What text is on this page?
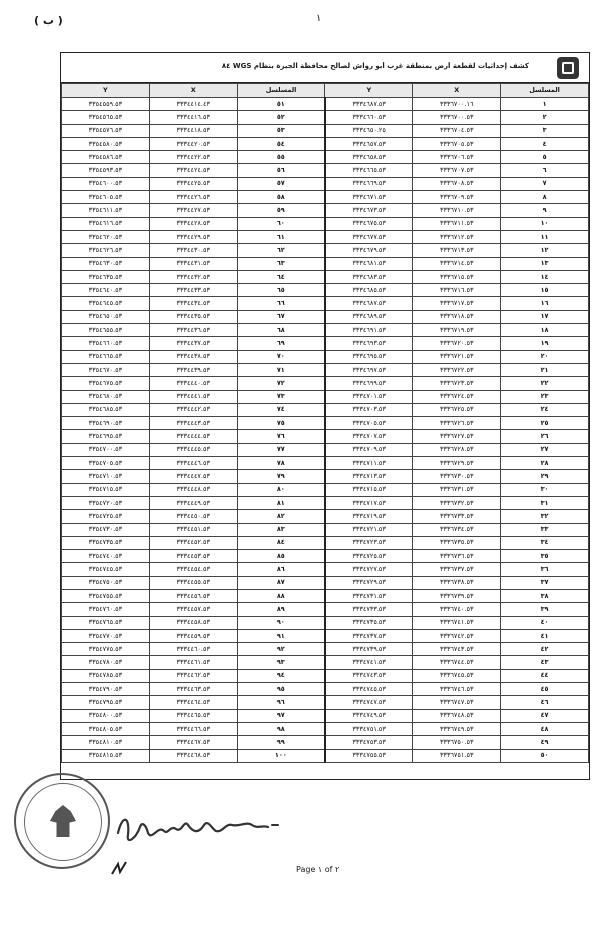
( ب )	١
كشف إحداثيات لقطعة أرض بمنطقة غرب أبو رواش لصالح محافظة الجيزة بنظام WGS ٨٤
Y	X	المسلسل	Y	X	المسلسل
٣٣٥٤٥٥٩.٥٣	٣٣٣٤٤١٤.٤٣	٥١	٣٣٣٤٦٨٧.٥٣	٣٣٣٦٧٠٠.١٦	١
٣٣٥٤٥٦٥.٥٣	٣٣٣٤٤١٦.٥٣	٥٢	٣٣٣٤٦٦٠.٥٣	٣٣٣٦٧٠٠.٥٣	٢
٣٣٥٤٥٧٦.٥٣	٣٣٣٤٤١٨.٥٣	٥٣	٣٣٣٤٦٥٠.٢٥	٣٣٣٦٧٠٤.٥٣	٣
٣٣٥٤٥٨٠.٥٣	٣٣٣٤٤٢٠.٥٣	٥٤	٣٣٣٤٦٥٧.٥٣	٣٣٣٦٧٠٥.٥٣	٤
٣٣٥٤٥٨٦.٥٣	٣٣٣٤٤٢٢.٥٣	٥٥	٣٣٣٤٦٥٨.٥٣	٣٣٣٦٧٠٦.٥٣	٥
٣٣٥٤٥٩٣.٥٣	٣٣٣٤٤٢٤.٥٣	٥٦	٣٣٣٤٦٦٥.٥٣	٣٣٣٦٧٠٧.٥٣	٦
٣٣٥٤٦٠٠.٥٣	٣٣٣٤٤٢٥.٥٣	٥٧	٣٣٣٤٦٦٩.٥٣	٣٣٣٦٧٠٨.٥٣	٧
٣٣٥٤٦٠٥.٥٣	٣٣٣٤٤٢٦.٥٣	٥٨	٣٣٣٤٦٧١.٥٣	٣٣٣٦٧٠٩.٥٣	٨
٣٣٥٤٦١١.٥٣	٣٣٣٤٤٢٧.٥٣	٥٩	٣٣٣٤٦٧٣.٥٣	٣٣٣٦٧١٠.٥٣	٩
٣٣٥٤٦١٦.٥٣	٣٣٣٤٤٢٨.٥٣	٦٠	٣٣٣٤٦٧٥.٥٣	٣٣٣٦٧١١.٥٣	١٠
٣٣٥٤٦٢٠.٥٣	٣٣٣٤٤٢٩.٥٣	٦١	٣٣٣٤٦٧٧.٥٣	٣٣٣٦٧١٢.٥٣	١١
٣٣٥٤٦٢٦.٥٣	٣٣٣٤٤٣٠.٥٣	٦٢	٣٣٣٤٦٧٩.٥٣	٣٣٣٦٧١٣.٥٣	١٢
٣٣٥٤٦٣٠.٥٣	٣٣٣٤٤٣١.٥٣	٦٣	٣٣٣٤٦٨١.٥٣	٣٣٣٦٧١٤.٥٣	١٣
٣٣٥٤٦٣٥.٥٣	٣٣٣٤٤٣٢.٥٣	٦٤	٣٣٣٤٦٨٣.٥٣	٣٣٣٦٧١٥.٥٣	١٤
٣٣٥٤٦٤٠.٥٣	٣٣٣٤٤٣٣.٥٣	٦٥	٣٣٣٤٦٨٥.٥٣	٣٣٣٦٧١٦.٥٣	١٥
٣٣٥٤٦٤٥.٥٣	٣٣٣٤٤٣٤.٥٣	٦٦	٣٣٣٤٦٨٧.٥٣	٣٣٣٦٧١٧.٥٣	١٦
٣٣٥٤٦٥٠.٥٣	٣٣٣٤٤٣٥.٥٣	٦٧	٣٣٣٤٦٨٩.٥٣	٣٣٣٦٧١٨.٥٣	١٧
٣٣٥٤٦٥٥.٥٣	٣٣٣٤٤٣٦.٥٣	٦٨	٣٣٣٤٦٩١.٥٣	٣٣٣٦٧١٩.٥٣	١٨
٣٣٥٤٦٦٠.٥٣	٣٣٣٤٤٣٧.٥٣	٦٩	٣٣٣٤٦٩٣.٥٣	٣٣٣٦٧٢٠.٥٣	١٩
٣٣٥٤٦٦٥.٥٣	٣٣٣٤٤٣٨.٥٣	٧٠	٣٣٣٤٦٩٥.٥٣	٣٣٣٦٧٢١.٥٣	٢٠
٣٣٥٤٦٧٠.٥٣	٣٣٣٤٤٣٩.٥٣	٧١	٣٣٣٤٦٩٧.٥٣	٣٣٣٦٧٢٢.٥٣	٢١
٣٣٥٤٦٧٥.٥٣	٣٣٣٤٤٤٠.٥٣	٧٢	٣٣٣٤٦٩٩.٥٣	٣٣٣٦٧٢٣.٥٣	٢٢
٣٣٥٤٦٨٠.٥٣	٣٣٣٤٤٤١.٥٣	٧٣	٣٣٣٤٧٠١.٥٣	٣٣٣٦٧٢٤.٥٣	٢٣
٣٣٥٤٦٨٥.٥٣	٣٣٣٤٤٤٢.٥٣	٧٤	٣٣٣٤٧٠٣.٥٣	٣٣٣٦٧٢٥.٥٣	٢٤
٣٣٥٤٦٩٠.٥٣	٣٣٣٤٤٤٣.٥٣	٧٥	٣٣٣٤٧٠٥.٥٣	٣٣٣٦٧٢٦.٥٣	٢٥
٣٣٥٤٦٩٥.٥٣	٣٣٣٤٤٤٤.٥٣	٧٦	٣٣٣٤٧٠٧.٥٣	٣٣٣٦٧٢٧.٥٣	٢٦
٣٣٥٤٧٠٠.٥٣	٣٣٣٤٤٤٥.٥٣	٧٧	٣٣٣٤٧٠٩.٥٣	٣٣٣٦٧٢٨.٥٣	٢٧
٣٣٥٤٧٠٥.٥٣	٣٣٣٤٤٤٦.٥٣	٧٨	٣٣٣٤٧١١.٥٣	٣٣٣٦٧٢٩.٥٣	٢٨
٣٣٥٤٧١٠.٥٣	٣٣٣٤٤٤٧.٥٣	٧٩	٣٣٣٤٧١٣.٥٣	٣٣٣٦٧٣٠.٥٣	٢٩
٣٣٥٤٧١٥.٥٣	٣٣٣٤٤٤٨.٥٣	٨٠	٣٣٣٤٧١٥.٥٣	٣٣٣٦٧٣١.٥٣	٣٠
٣٣٥٤٧٢٠.٥٣	٣٣٣٤٤٤٩.٥٣	٨١	٣٣٣٤٧١٧.٥٣	٣٣٣٦٧٣٢.٥٣	٣١
٣٣٥٤٧٢٥.٥٣	٣٣٣٤٤٥٠.٥٣	٨٢	٣٣٣٤٧١٩.٥٣	٣٣٣٦٧٣٣.٥٣	٣٢
٣٣٥٤٧٣٠.٥٣	٣٣٣٤٤٥١.٥٣	٨٣	٣٣٣٤٧٢١.٥٣	٣٣٣٦٧٣٤.٥٣	٣٣
٣٣٥٤٧٣٥.٥٣	٣٣٣٤٤٥٢.٥٣	٨٤	٣٣٣٤٧٢٣.٥٣	٣٣٣٦٧٣٥.٥٣	٣٤
٣٣٥٤٧٤٠.٥٣	٣٣٣٤٤٥٣.٥٣	٨٥	٣٣٣٤٧٢٥.٥٣	٣٣٣٦٧٣٦.٥٣	٣٥
٣٣٥٤٧٤٥.٥٣	٣٣٣٤٤٥٤.٥٣	٨٦	٣٣٣٤٧٢٧.٥٣	٣٣٣٦٧٣٧.٥٣	٣٦
٣٣٥٤٧٥٠.٥٣	٣٣٣٤٤٥٥.٥٣	٨٧	٣٣٣٤٧٢٩.٥٣	٣٣٣٦٧٣٨.٥٣	٣٧
٣٣٥٤٧٥٥.٥٣	٣٣٣٤٤٥٦.٥٣	٨٨	٣٣٣٤٧٣١.٥٣	٣٣٣٦٧٣٩.٥٣	٣٨
٣٣٥٤٧٦٠.٥٣	٣٣٣٤٤٥٧.٥٣	٨٩	٣٣٣٤٧٣٣.٥٣	٣٣٣٦٧٤٠.٥٣	٣٩
٣٣٥٤٧٦٥.٥٣	٣٣٣٤٤٥٨.٥٣	٩٠	٣٣٣٤٧٣٥.٥٣	٣٣٣٦٧٤١.٥٣	٤٠
٣٣٥٤٧٧٠.٥٣	٣٣٣٤٤٥٩.٥٣	٩١	٣٣٣٤٧٣٧.٥٣	٣٣٣٦٧٤٢.٥٣	٤١
٣٣٥٤٧٧٥.٥٣	٣٣٣٤٤٦٠.٥٣	٩٢	٣٣٣٤٧٣٩.٥٣	٣٣٣٦٧٤٣.٥٣	٤٢
٣٣٥٤٧٨٠.٥٣	٣٣٣٤٤٦١.٥٣	٩٣	٣٣٣٤٧٤١.٥٣	٣٣٣٦٧٤٤.٥٣	٤٣
٣٣٥٤٧٨٥.٥٣	٣٣٣٤٤٦٢.٥٣	٩٤	٣٣٣٤٧٤٣.٥٣	٣٣٣٦٧٤٥.٥٣	٤٤
٣٣٥٤٧٩٠.٥٣	٣٣٣٤٤٦٣.٥٣	٩٥	٣٣٣٤٧٤٥.٥٣	٣٣٣٦٧٤٦.٥٣	٤٥
٣٣٥٤٧٩٥.٥٣	٣٣٣٤٤٦٤.٥٣	٩٦	٣٣٣٤٧٤٧.٥٣	٣٣٣٦٧٤٧.٥٣	٤٦
٣٣٥٤٨٠٠.٥٣	٣٣٣٤٤٦٥.٥٣	٩٧	٣٣٣٤٧٤٩.٥٣	٣٣٣٦٧٤٨.٥٣	٤٧
٣٣٥٤٨٠٥.٥٣	٣٣٣٤٤٦٦.٥٣	٩٨	٣٣٣٤٧٥١.٥٣	٣٣٣٦٧٤٩.٥٣	٤٨
٣٣٥٤٨١٠.٥٣	٣٣٣٤٤٦٧.٥٣	٩٩	٣٣٣٤٧٥٣.٥٣	٣٣٣٦٧٥٠.٥٣	٤٩
٣٣٥٤٨١٥.٥٣	٣٣٣٤٤٦٨.٥٣	١٠٠	٣٣٣٤٧٥٥.٥٣	٣٣٣٦٧٥١.٥٣	٥٠
Page ١ of ٢
